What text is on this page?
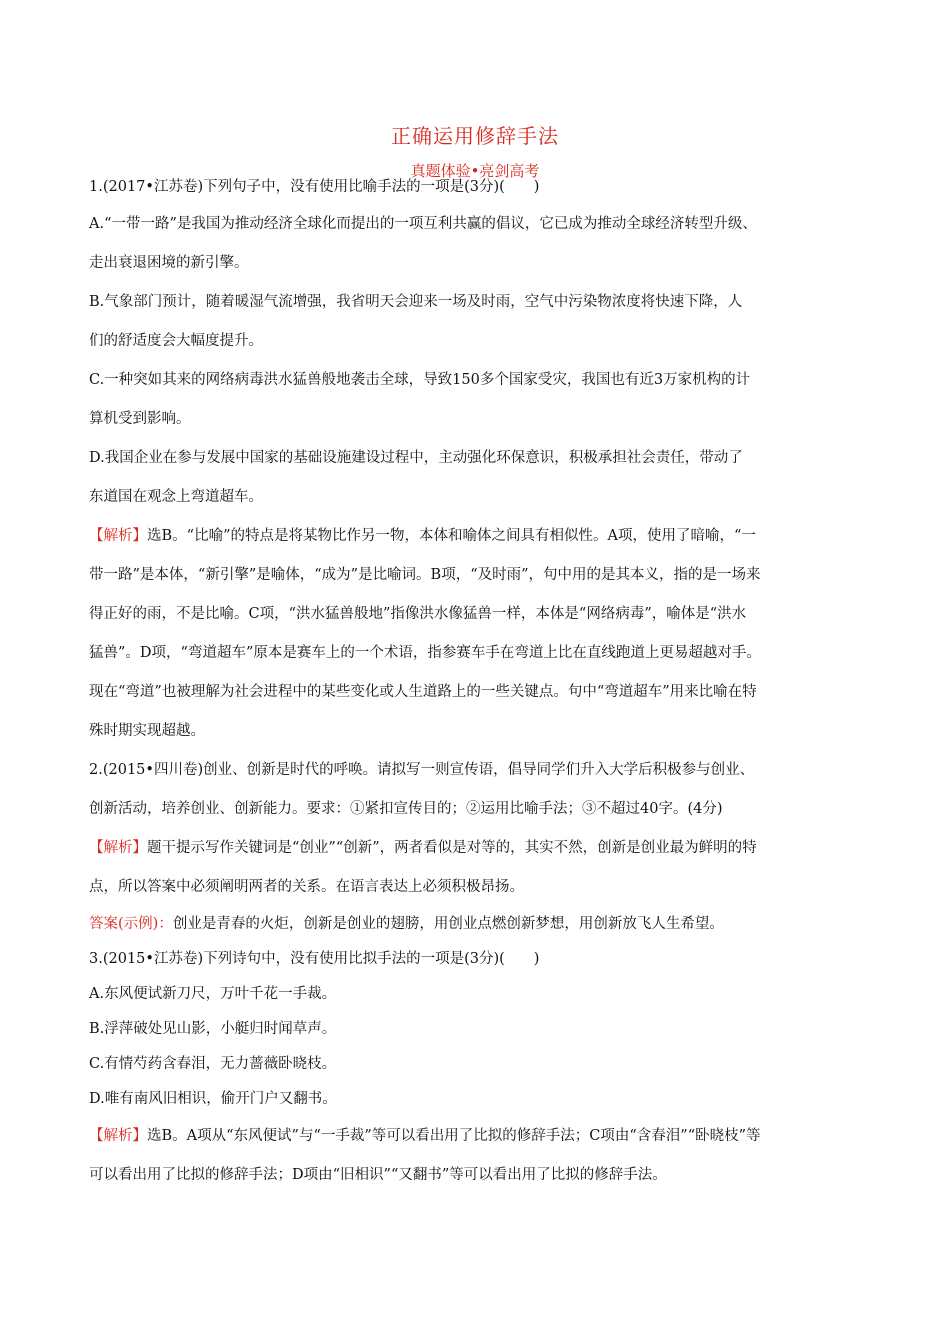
正确运用修辞手法
真题体验•亮剑高考
1.(2017•江苏卷)下列句子中，没有使用比喻手法的一项是(3分)(　　)
A.“一带一路”是我国为推动经济全球化而提出的一项互利共赢的倡议，它已成为推动全球经济转型升级、
走出衰退困境的新引擎。
B.气象部门预计，随着暖湿气流增强，我省明天会迎来一场及时雨，空气中污染物浓度将快速下降，人
们的舒适度会大幅度提升。
C.一种突如其来的网络病毒洪水猛兽般地袭击全球，导致150多个国家受灾，我国也有近3万家机构的计
算机受到影响。
D.我国企业在参与发展中国家的基础设施建设过程中，主动强化环保意识，积极承担社会责任，带动了
东道国在观念上弯道超车。
【解析】选B。“比喻”的特点是将某物比作另一物，本体和喻体之间具有相似性。A项，使用了暗喻，“一
带一路”是本体，“新引擎”是喻体，“成为”是比喻词。B项，“及时雨”，句中用的是其本义，指的是一场来
得正好的雨，不是比喻。C项，“洪水猛兽般地”指像洪水像猛兽一样，本体是“网络病毒”，喻体是“洪水
猛兽”。D项，“弯道超车”原本是赛车上的一个术语，指参赛车手在弯道上比在直线跑道上更易超越对手。
现在“弯道”也被理解为社会进程中的某些变化或人生道路上的一些关键点。句中“弯道超车”用来比喻在特
殊时期实现超越。
2.(2015•四川卷)创业、创新是时代的呼唤。请拟写一则宣传语，倡导同学们升入大学后积极参与创业、
创新活动，培养创业、创新能力。要求：①紧扣宣传目的；②运用比喻手法；③不超过40字。(4分)
【解析】题干提示写作关键词是“创业”“创新”，两者看似是对等的，其实不然，创新是创业最为鲜明的特
点，所以答案中必须阐明两者的关系。在语言表达上必须积极昂扬。
答案(示例)：创业是青春的火炬，创新是创业的翅膀，用创业点燃创新梦想，用创新放飞人生希望。
3.(2015•江苏卷)下列诗句中，没有使用比拟手法的一项是(3分)(　　)
A.东风便试新刀尺，万叶千花一手裁。
B.浮萍破处见山影，小艇归时闻草声。
C.有情芍药含春泪，无力蔷薇卧晓枝。
D.唯有南风旧相识，偷开门户又翻书。
【解析】选B。A项从“东风便试”与“一手裁”等可以看出用了比拟的修辞手法；C项由“含春泪”“卧晓枝”等
可以看出用了比拟的修辞手法；D项由“旧相识”“又翻书”等可以看出用了比拟的修辞手法。
